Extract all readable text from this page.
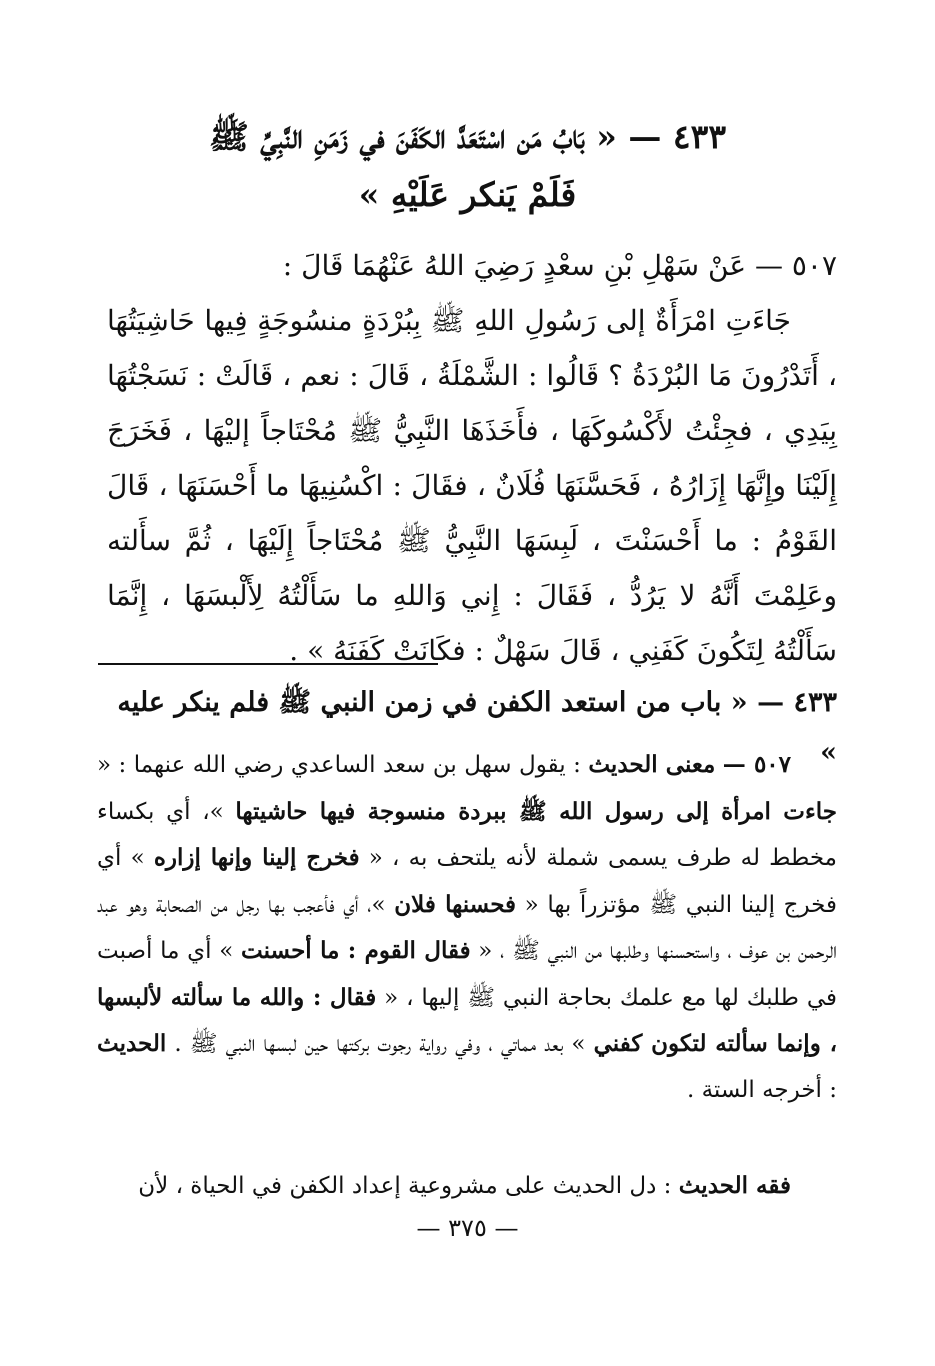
٤٣٣ — « بَابُ مَن اسْتَعَدَّ الكَفَنَ في زَمَنِ النَّبِيِّ ﷺ
فَلَمْ يَنكر عَلَيْهِ »

٥٠٧ — عَنْ سَهْلِ بْنِ سعْدٍ رَضِيَ اللهُ عَنْهُمَا قَالَ :

جَاءَتِ امْرَأَةٌ إلى رَسُولِ اللهِ ﷺ بِبُرْدَةٍ منسُوجَةٍ فِيها حَاشِيَتُهَا ، أَتَدْرُونَ مَا البُرْدَةُ ؟ قَالُوا : الشَّمْلَةُ ، قَالَ : نعم ، قَالَتْ : نَسَجْتُهَا بِيَدِي ، فجِئْتُ لأَكْسُوكَهَا ، فأَخَذَهَا النَّبِيُّ ﷺ مُحْتَاجاً إليْهَا ، فَخَرَجَ إِلَيْنَا وإِنَّهَا إِزَارُهُ ، فَحَسَّنَهَا فُلَانٌ ، فقَالَ : اكْسُنِيهَا ما أَحْسَنَهَا ، قَالَ القَوْمُ : ما أَحْسَنْتَ ، لَبِسَهَا النَّبِيُّ ﷺ مُحْتَاجاً إِلَيْهَا ، ثُمَّ سأَلته وعَلِمْتَ أَنَّهُ لا يَرُدُّ ، فَقَالَ : إِني وَاللهِ ما سَأَلْتُهُ لِأَلْبسَهَا ، إِنَّمَا سَأَلْتُهُ لِتَكُونَ كَفَنِي ، قَالَ سَهْلٌ : فكَانَتْ كَفَنَهُ » .

٤٣٣ — « باب من استعد الكفن في زمن النبي ﷺ فلم ينكر عليه »

٥٠٧ — معنى الحديث : يقول سهل بن سعد الساعدي رضي الله عنهما : « جاءت امرأة إلى رسول الله ﷺ ببردة منسوجة فيها حاشيتها »، أي بكساء مخطط له طرف يسمى شملة لأنه يلتحف به ، « فخرج إلينا وإنها إزاره » أي فخرج إلينا النبي ﷺ مؤتزراً بها « فحسنها فلان »، أي فأعجب بها رجل من الصحابة وهو عبد الرحمن بن عوف ، واستحسنها وطلبها من النبي ﷺ ، « فقال القوم : ما أحسنت » أي ما أصبت في طلبك لها مع علمك بحاجة النبي ﷺ إليها ، « فقال : والله ما سألته لألبسها ، وإنما سألته لتكون كفني » بعد مماتي ، وفي رواية رجوت بركتها حين لبسها النبي ﷺ . الحديث : أخرجه الستة .

فقه الحديث : دل الحديث على مشروعية إعداد الكفن في الحياة ، لأن
— ٣٧٥ —
